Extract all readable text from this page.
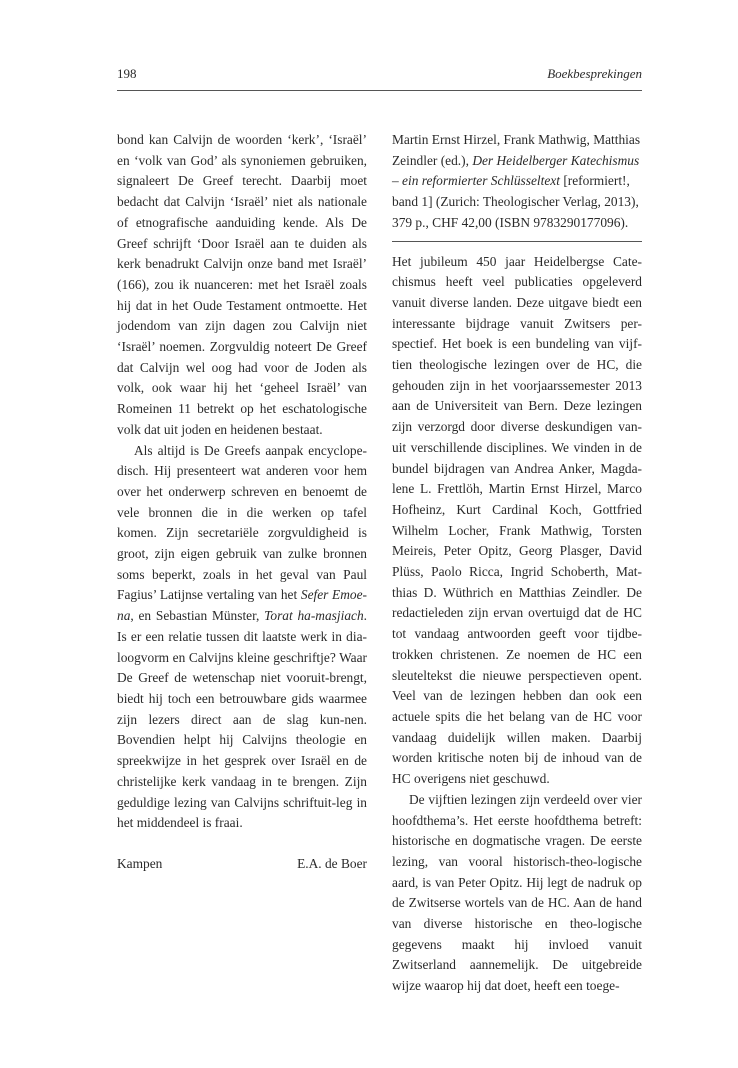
198	Boekbesprekingen

bond kan Calvijn de woorden ‘kerk’, ‘Israël’ en ‘volk van God’ als synoniemen gebruiken, signaleert De Greef terecht. Daarbij moet bedacht dat Calvijn ‘Israël’ niet als nationale of etnografische aanduiding kende. Als De Greef schrijft ‘Door Israël aan te duiden als kerk benadrukt Calvijn onze band met Israël’ (166), zou ik nuanceren: met het Israël zoals hij dat in het Oude Testament ontmoette. Het jodendom van zijn dagen zou Calvijn niet ‘Israël’ noemen. Zorgvuldig noteert De Greef dat Calvijn wel oog had voor de Joden als volk, ook waar hij het ‘geheel Israël’ van Romeinen 11 betrekt op het eschatologische volk dat uit joden en heidenen bestaat.

Als altijd is De Greefs aanpak encyclope-disch. Hij presenteert wat anderen voor hem over het onderwerp schreven en benoemt de vele bronnen die in die werken op tafel komen. Zijn secretariële zorgvuldigheid is groot, zijn eigen gebruik van zulke bronnen soms beperkt, zoals in het geval van Paul Fagius’ Latijnse vertaling van het Sefer Emoe-na, en Sebastian Münster, Torat ha-masjiach. Is er een relatie tussen dit laatste werk in dia-loogvorm en Calvijns kleine geschriftje? Waar De Greef de wetenschap niet vooruit-brengt, biedt hij toch een betrouwbare gids waarmee zijn lezers direct aan de slag kun-nen. Bovendien helpt hij Calvijns theologie en spreekwijze in het gesprek over Israël en de christelijke kerk vandaag in te brengen. Zijn geduldige lezing van Calvijns schriftuit-leg in het middendeel is fraai.

Kampen	E.A. de Boer

Martin Ernst Hirzel, Frank Mathwig, Matthias Zeindler (ed.), Der Heidelberger Katechismus – ein reformierter Schlüsseltext [reformiert!, band 1] (Zurich: Theologischer Verlag, 2013), 379 p., CHF 42,00 (ISBN 9783290177096).

Het jubileum 450 jaar Heidelbergse Cate-chismus heeft veel publicaties opgeleverd vanuit diverse landen. Deze uitgave biedt een interessante bijdrage vanuit Zwitsers per-spectief. Het boek is een bundeling van vijf-tien theologische lezingen over de HC, die gehouden zijn in het voorjaarssemester 2013 aan de Universiteit van Bern. Deze lezingen zijn verzorgd door diverse deskundigen van-uit verschillende disciplines. We vinden in de bundel bijdragen van Andrea Anker, Magda-lene L. Frettlöh, Martin Ernst Hirzel, Marco Hofheinz, Kurt Cardinal Koch, Gottfried Wilhelm Locher, Frank Mathwig, Torsten Meireis, Peter Opitz, Georg Plasger, David Plüss, Paolo Ricca, Ingrid Schoberth, Mat-thias D. Wüthrich en Matthias Zeindler. De redactieleden zijn ervan overtuigd dat de HC tot vandaag antwoorden geeft voor tijdbe-trokken christenen. Ze noemen de HC een sleuteltekst die nieuwe perspectieven opent. Veel van de lezingen hebben dan ook een actuele spits die het belang van de HC voor vandaag duidelijk willen maken. Daarbij worden kritische noten bij de inhoud van de HC overigens niet geschuwd.

De vijftien lezingen zijn verdeeld over vier hoofdthema’s. Het eerste hoofdthema betreft: historische en dogmatische vragen. De eerste lezing, van vooral historisch-theo-logische aard, is van Peter Opitz. Hij legt de nadruk op de Zwitserse wortels van de HC. Aan de hand van diverse historische en theo-logische gegevens maakt hij invloed vanuit Zwitserland aannemelijk. De uitgebreide wijze waarop hij dat doet, heeft een toege-
